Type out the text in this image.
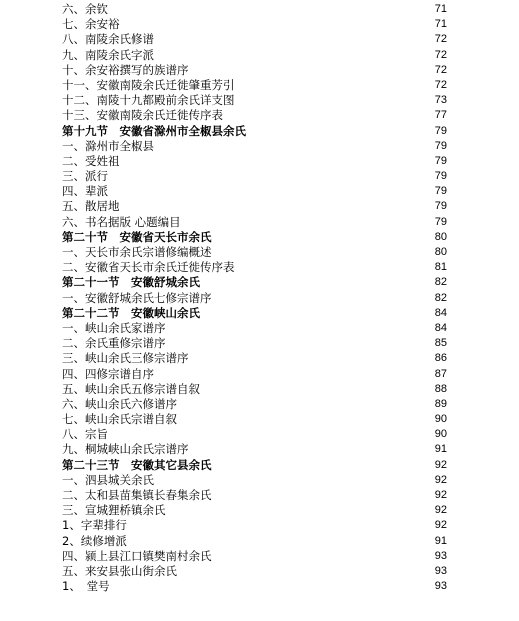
六、余钦	71
七、余安裕	71
八、南陵余氏修谱	72
九、南陵余氏字派	72
十、余安裕撰写的族谱序	72
十一、安徽南陵余氏迁徙肇重芳引	72
十二、南陵十九都殿前余氏详支图	73
十三、安徽南陵余氏迁徙传序表	77
第十九节　安徽省滁州市全椒县余氏	79
一、滁州市全椒县	79
二、受姓祖	79
三、派行	79
四、辈派	79
五、散居地	79
六、书名据版 心题编目	79
第二十节　安徽省天长市余氏	80
一、天长市余氏宗谱修编概述	80
二、安徽省天长市余氏迁徙传序表	81
第二十一节　安徽舒城余氏	82
一、安徽舒城余氏七修宗谱序	82
第二十二节　安徽峡山余氏	84
一、峡山余氏家谱序	84
二、余氏重修宗谱序	85
三、峡山余氏三修宗谱序	86
四、四修宗谱自序	87
五、峡山余氏五修宗谱自叙	88
六、峡山余氏六修谱序	89
七、峡山余氏宗谱自叙	90
八、宗旨	90
九、桐城峡山余氏宗谱序	91
第二十三节　安徽其它县余氏	92
一、泗县城关余氏	92
二、太和县苗集镇长春集余氏	92
三、宣城狸桥镇余氏	92
1、字辈排行	92
2、续修增派	91
四、颍上县江口镇樊南村余氏	93
五、来安县张山街余氏	93
1、　堂号	93
